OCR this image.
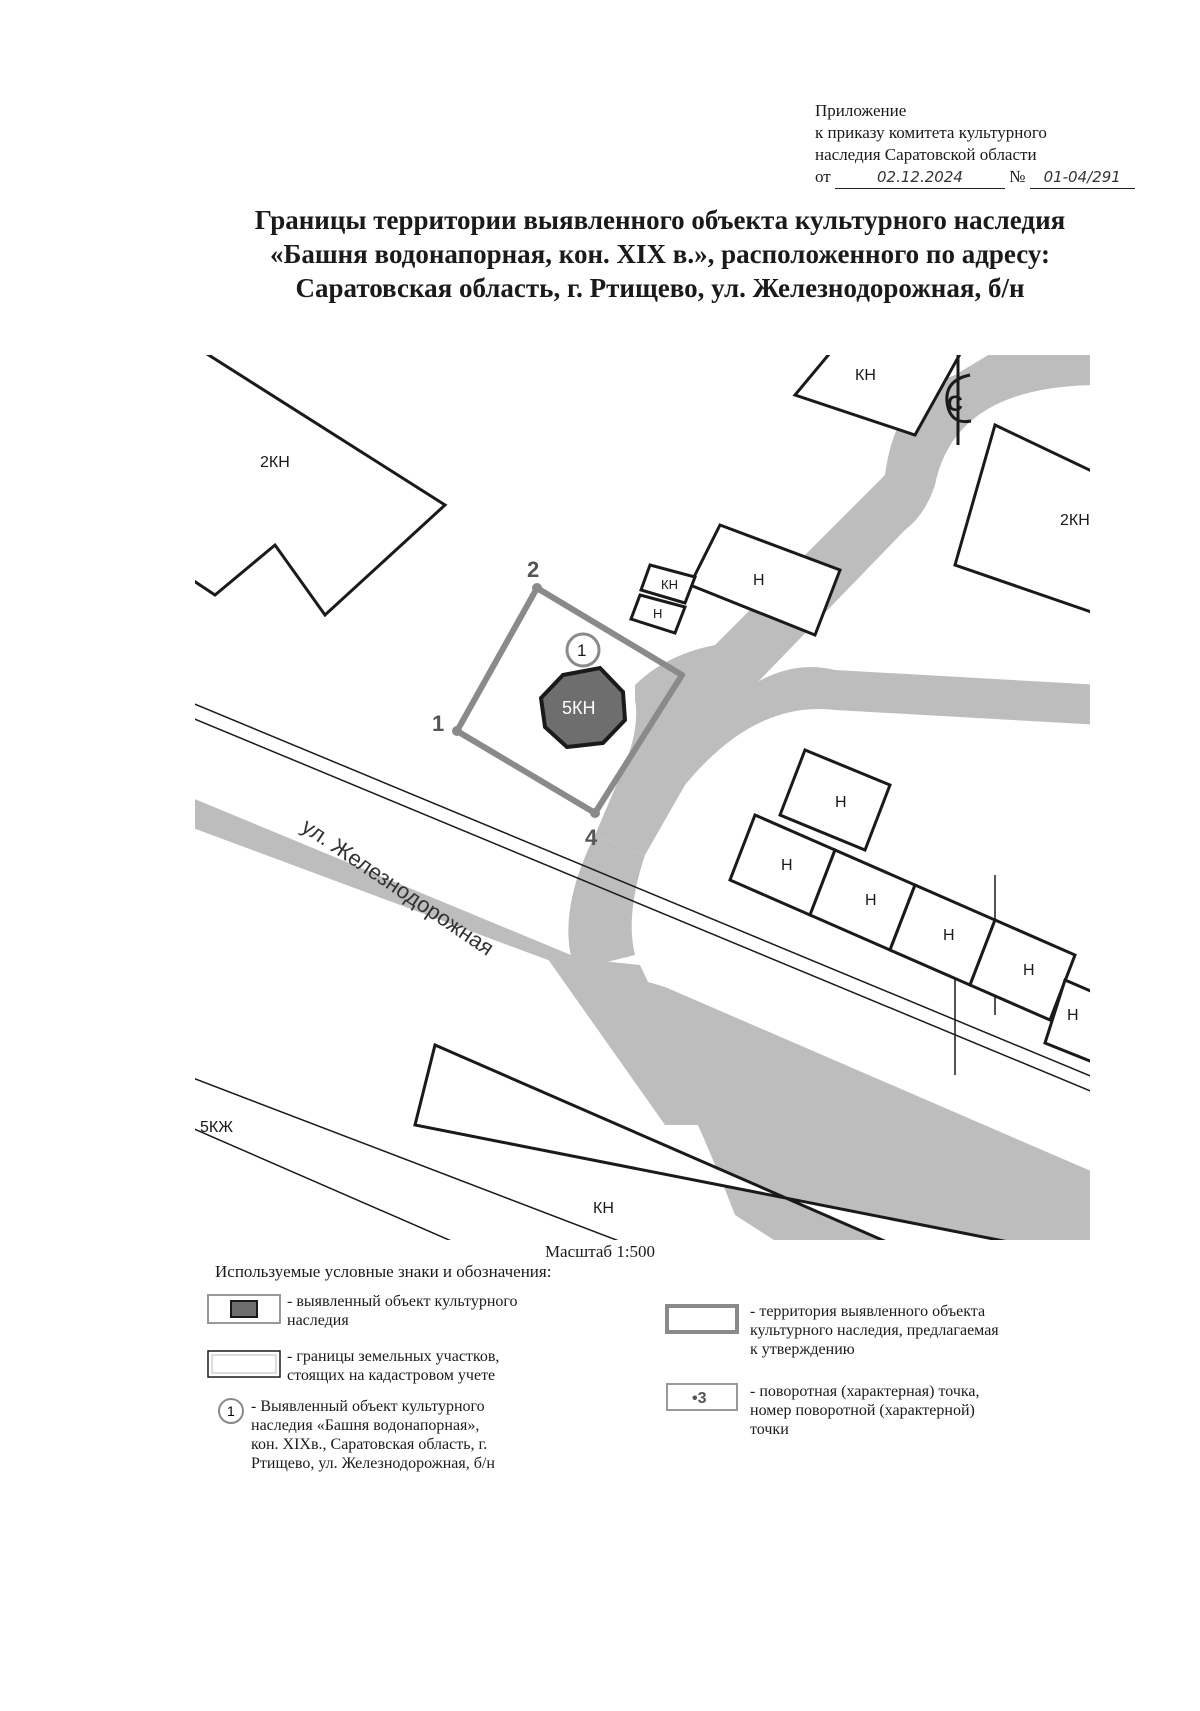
Приложение
к приказу комитета культурного
наследия Саратовской области
от	02.12.2024	№ 01-04/291
Границы территории выявленного объекта культурного наследия
«Башня водонапорная, кон. XIX в.», расположенного по адресу:
Саратовская область, г. Ртищево, ул. Железнодорожная, б/н
2КН
КН
2КН
Н
КН
Н
Н
Н
Н
Н
Н
Н
5КЖ
КН
5КН
1
1
2
4
С
ул. Железнодорожная
Масштаб 1:500
Используемые условные знаки и обозначения:
- выявленный объект культурного
наследия
- границы земельных участков,
стоящих на кадастровом учете
1 - Выявленный объект культурного
наследия «Башня водонапорная»,
кон. XIXв., Саратовская область, г.
Ртищево, ул. Железнодорожная, б/н
- территория выявленного объекта
культурного наследия, предлагаемая
к утверждению
•3	- поворотная (характерная) точка,
номер поворотной (характерной)
точки
